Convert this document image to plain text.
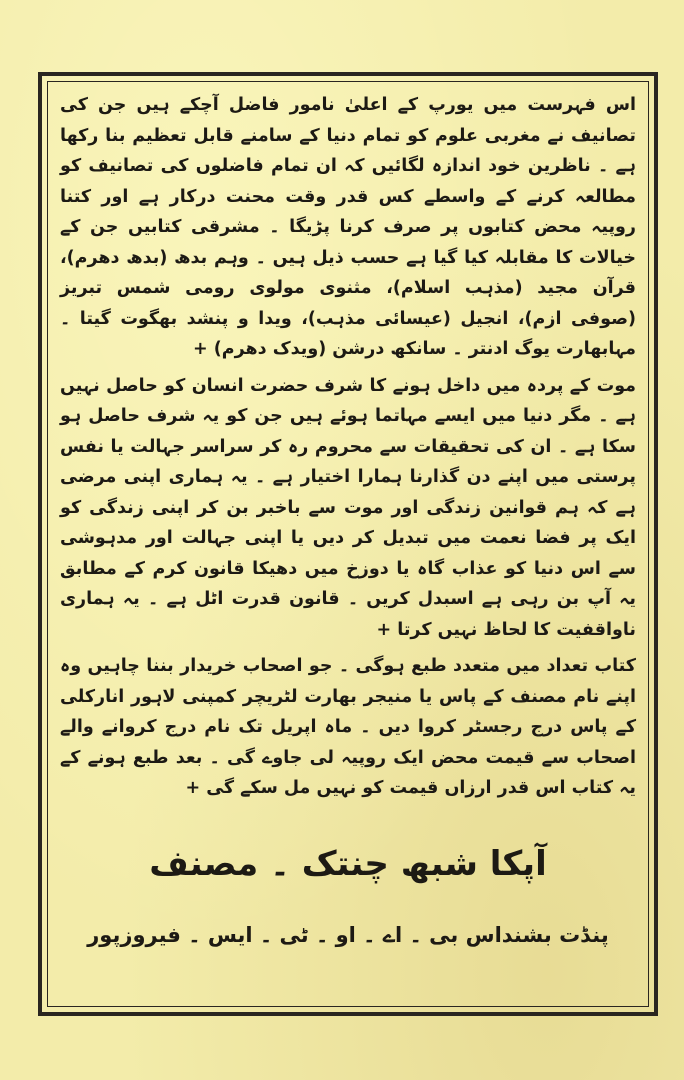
اس فہرست میں یورپ کے اعلیٰ نامور فاضل آچکے ہیں جن کی تصانیف نے مغربی علوم کو تمام دنیا کے سامنے قابل تعظیم بنا رکھا ہے ۔ ناظرین خود اندازہ لگائیں کہ ان تمام فاضلوں کی تصانیف کو مطالعہ کرنے کے واسطے کس قدر وقت محنت درکار ہے اور کتنا روپیہ محض کتابوں پر صرف کرنا پڑیگا ۔ مشرقی کتابیں جن کے خیالات کا مقابلہ کیا گیا ہے حسب ذیل ہیں ۔ وہم بدھ (بدھ دھرم)، قرآن مجید (مذہب اسلام)، مثنوی مولوی رومی شمس تبریز (صوفی ازم)، انجیل (عیسائی مذہب)، ویدا و پنشد بھگوت گیتا ۔ مہابھارت یوگ ادنتر ۔ سانکھ درشن (ویدک دھرم) +

موت کے پردہ میں داخل ہونے کا شرف حضرت انسان کو حاصل نہیں ہے ۔ مگر دنیا میں ایسے مہاتما ہوئے ہیں جن کو یہ شرف حاصل ہو سکا ہے ۔ ان کی تحقیقات سے محروم رہ کر سراسر جہالت یا نفس پرستی میں اپنے دن گذارنا ہمارا اختیار ہے ۔ یہ ہماری اپنی مرضی ہے کہ ہم قوانین زندگی اور موت سے باخبر بن کر اپنی زندگی کو ایک پر فضا نعمت میں تبدیل کر دیں یا اپنی جہالت اور مدہوشی سے اس دنیا کو عذاب گاہ یا دوزخ میں دھیکا قانون کرم کے مطابق یہ آپ بن رہی ہے اسبدل کریں ۔ قانون قدرت اٹل ہے ۔ یہ ہماری ناواقفیت کا لحاظ نہیں کرتا +

کتاب تعداد میں متعدد طبع ہوگی ۔ جو اصحاب خریدار بننا چاہیں وہ اپنے نام مصنف کے پاس یا منیجر بھارت لٹریچر کمپنی لاہور انارکلی کے پاس درج رجسٹر کروا دیں ۔ ماہ اپریل تک نام درج کروانے والے اصحاب سے قیمت محض ایک روپیہ لی جاوے گی ۔ بعد طبع ہونے کے یہ کتاب اس قدر ارزاں قیمت کو نہیں مل سکے گی +

آپکا شبھ چنتک ۔ مصنف
پنڈت بشنداس بی ۔ اے ۔ او ۔ ٹی ۔ ایس ۔ فیروزپور
